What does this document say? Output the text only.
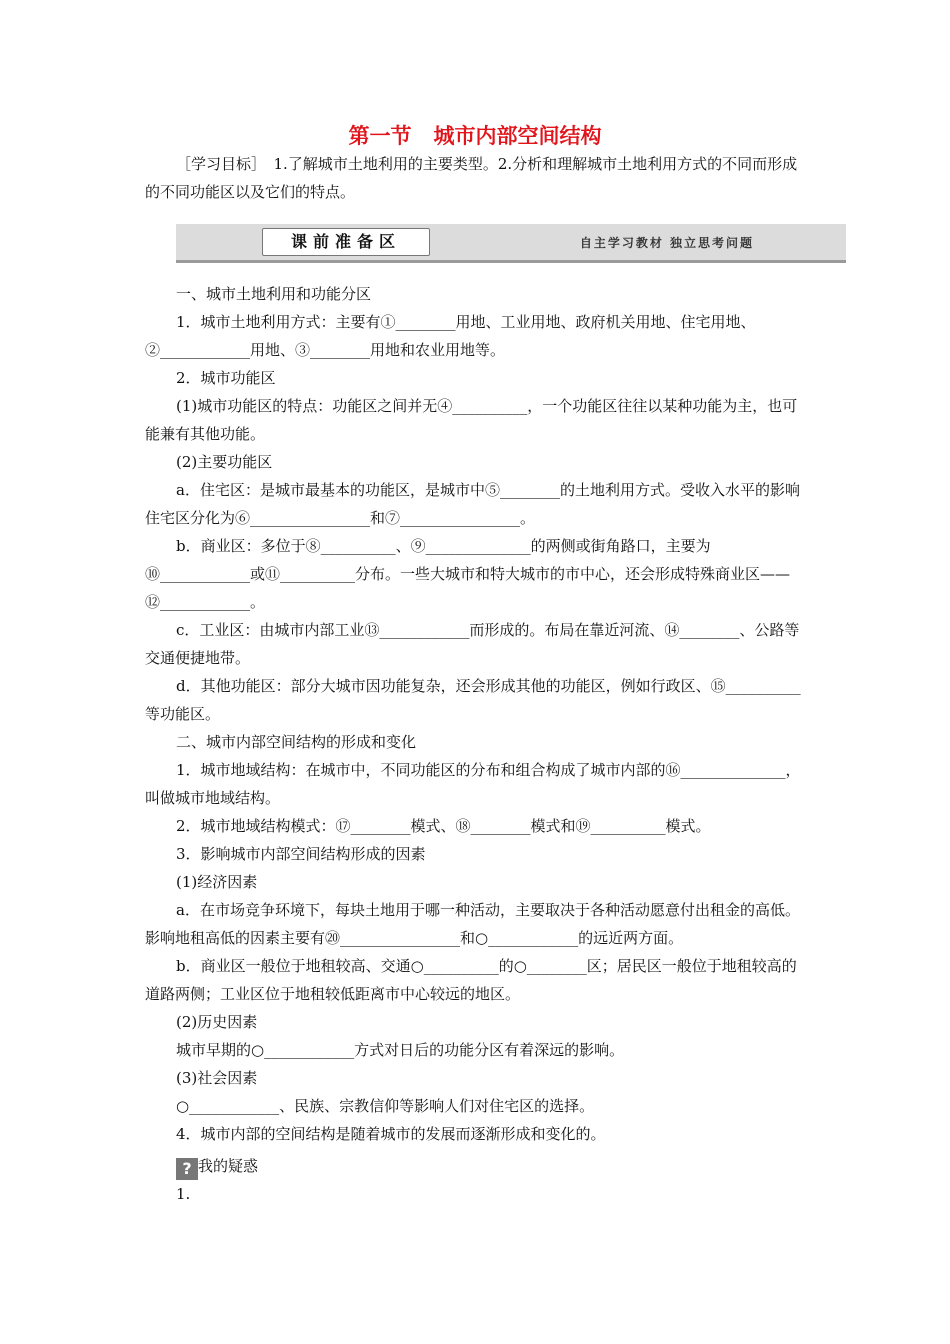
第一节 城市内部空间结构

［学习目标］　1.了解城市土地利用的主要类型。2.分析和理解城市土地利用方式的不同而形成的不同功能区以及它们的特点。

课前准备区	自主学习教材 独立思考问题

一、城市土地利用和功能分区

1．城市土地利用方式：主要有①________用地、工业用地、政府机关用地、住宅用地、②____________用地、③________用地和农业用地等。

2．城市功能区

(1)城市功能区的特点：功能区之间并无④__________，一个功能区往往以某种功能为主，也可能兼有其他功能。

(2)主要功能区

a．住宅区：是城市最基本的功能区，是城市中⑤________的土地利用方式。受收入水平的影响住宅区分化为⑥________________和⑦________________。

b．商业区：多位于⑧__________、⑨______________的两侧或街角路口，主要为⑩____________或⑪__________分布。一些大城市和特大城市的市中心，还会形成特殊商业区——⑫____________。

c．工业区：由城市内部工业⑬____________而形成的。布局在靠近河流、⑭________、公路等交通便捷地带。

d．其他功能区：部分大城市因功能复杂，还会形成其他的功能区，例如行政区、⑮__________等功能区。

二、城市内部空间结构的形成和变化

1．城市地域结构：在城市中，不同功能区的分布和组合构成了城市内部的⑯______________，叫做城市地域结构。

2．城市地域结构模式：⑰________模式、⑱________模式和⑲__________模式。

3．影响城市内部空间结构形成的因素

(1)经济因素

a．在市场竞争环境下，每块土地用于哪一种活动，主要取决于各种活动愿意付出租金的高低。影响地租高低的因素主要有⑳________________和○____________的远近两方面。

b．商业区一般位于地租较高、交通○__________的○________区；居民区一般位于地租较高的道路两侧；工业区位于地租较低距离市中心较远的地区。

(2)历史因素

城市早期的○____________方式对日后的功能分区有着深远的影响。

(3)社会因素

○____________、民族、宗教信仰等影响人们对住宅区的选择。

4．城市内部的空间结构是随着城市的发展而逐渐形成和变化的。

? 我的疑惑

1.
